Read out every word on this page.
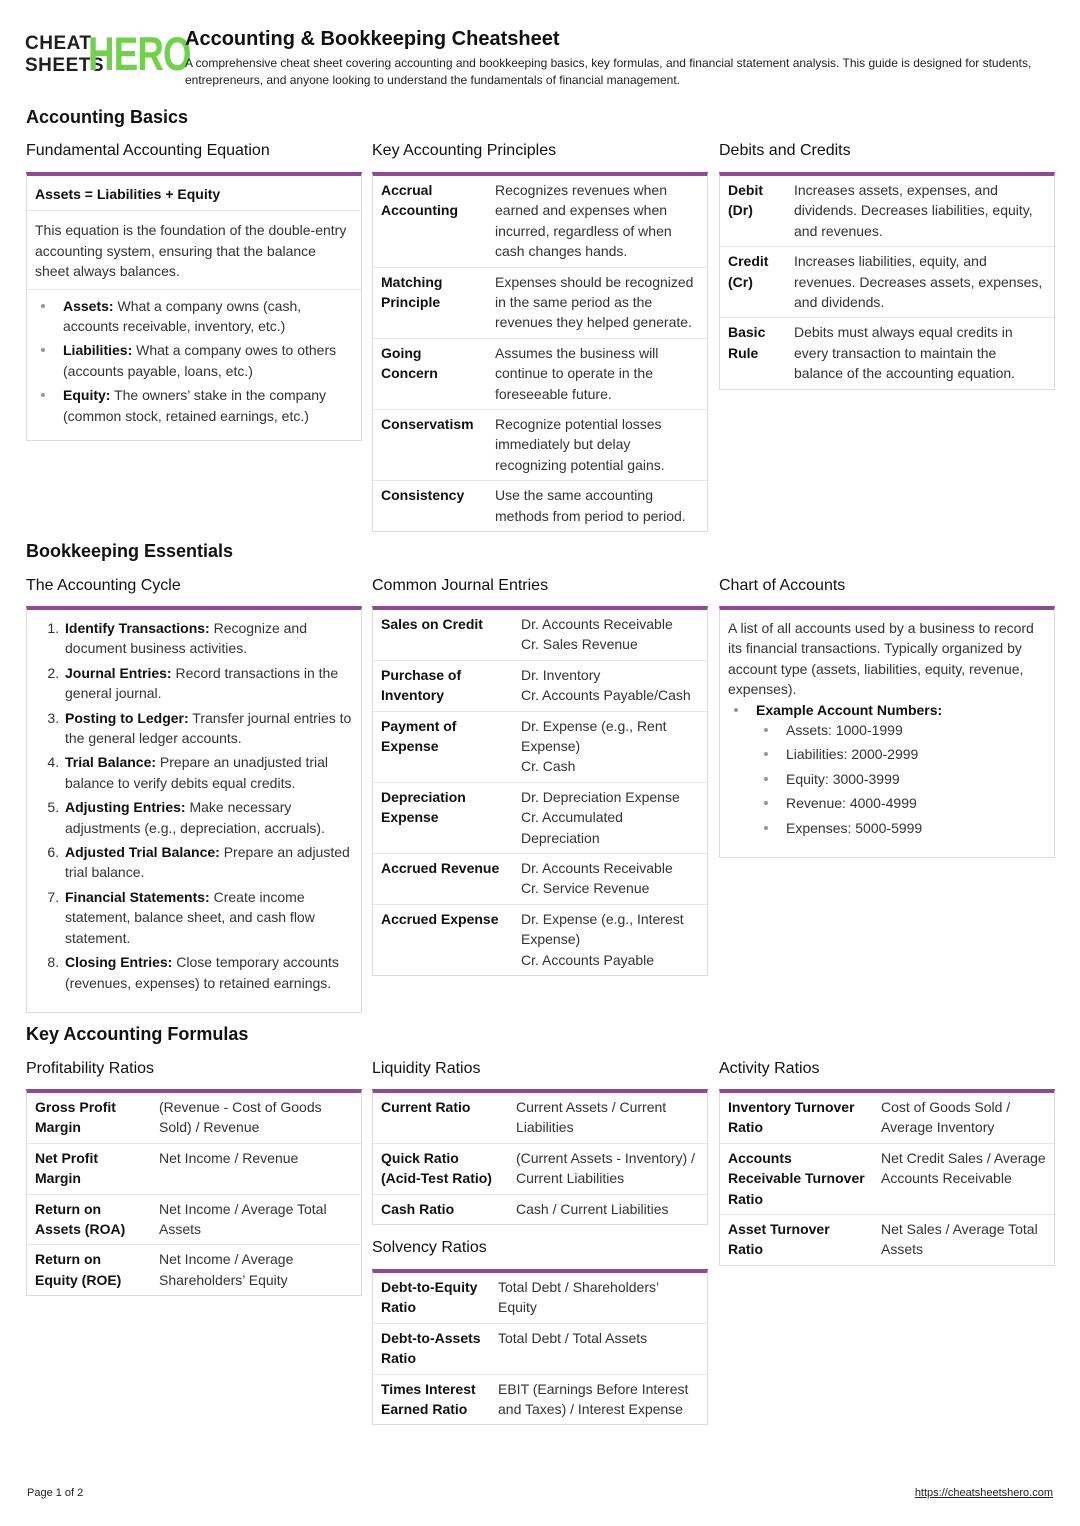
CHEAT
SHEETS
HERO
Accounting & Bookkeeping Cheatsheet
A comprehensive cheat sheet covering accounting and bookkeeping basics, key formulas, and financial statement analysis. This guide is designed for students, entrepreneurs, and anyone looking to understand the fundamentals of financial management.
Accounting Basics
Fundamental Accounting Equation
Assets = Liabilities + Equity
This equation is the foundation of the double-entry accounting system, ensuring that the balance sheet always balances.
Assets: What a company owns (cash, accounts receivable, inventory, etc.)
Liabilities: What a company owes to others (accounts payable, loans, etc.)
Equity: The owners’ stake in the company (common stock, retained earnings, etc.)
Key Accounting Principles
Accrual Accounting	Recognizes revenues when earned and expenses when incurred, regardless of when cash changes hands.
Matching Principle	Expenses should be recognized in the same period as the revenues they helped generate.
Going Concern	Assumes the business will continue to operate in the foreseeable future.
Conservatism	Recognize potential losses immediately but delay recognizing potential gains.
Consistency	Use the same accounting methods from period to period.
Debits and Credits
Debit (Dr)	Increases assets, expenses, and dividends. Decreases liabilities, equity, and revenues.
Credit (Cr)	Increases liabilities, equity, and revenues. Decreases assets, expenses, and dividends.
Basic Rule	Debits must always equal credits in every transaction to maintain the balance of the accounting equation.
Bookkeeping Essentials
The Accounting Cycle
1. Identify Transactions: Recognize and document business activities.
2. Journal Entries: Record transactions in the general journal.
3. Posting to Ledger: Transfer journal entries to the general ledger accounts.
4. Trial Balance: Prepare an unadjusted trial balance to verify debits equal credits.
5. Adjusting Entries: Make necessary adjustments (e.g., depreciation, accruals).
6. Adjusted Trial Balance: Prepare an adjusted trial balance.
7. Financial Statements: Create income statement, balance sheet, and cash flow statement.
8. Closing Entries: Close temporary accounts (revenues, expenses) to retained earnings.
Common Journal Entries
Sales on Credit	Dr. Accounts Receivable
Cr. Sales Revenue

Purchase of Inventory	Dr. Inventory
Cr. Accounts Payable/Cash

Payment of Expense	Dr. Expense (e.g., Rent Expense)
Cr. Cash

Depreciation Expense	Dr. Depreciation Expense
Cr. Accumulated Depreciation

Accrued Revenue	Dr. Accounts Receivable
Cr. Service Revenue

Accrued Expense	Dr. Expense (e.g., Interest Expense)
Cr. Accounts Payable
Chart of Accounts
A list of all accounts used by a business to record its financial transactions. Typically organized by account type (assets, liabilities, equity, revenue, expenses).
Example Account Numbers:
Assets: 1000-1999
Liabilities: 2000-2999
Equity: 3000-3999
Revenue: 4000-4999
Expenses: 5000-5999
Key Accounting Formulas
Profitability Ratios
Gross Profit Margin	(Revenue - Cost of Goods Sold) / Revenue
Net Profit Margin	Net Income / Revenue
Return on Assets (ROA)	Net Income / Average Total Assets
Return on Equity (ROE)	Net Income / Average Shareholders’ Equity
Liquidity Ratios
Current Ratio	Current Assets / Current Liabilities
Quick Ratio (Acid-Test Ratio)	(Current Assets - Inventory) / Current Liabilities
Cash Ratio	Cash / Current Liabilities
Solvency Ratios
Debt-to-Equity Ratio	Total Debt / Shareholders’ Equity
Debt-to-Assets Ratio	Total Debt / Total Assets
Times Interest Earned Ratio	EBIT (Earnings Before Interest and Taxes) / Interest Expense
Activity Ratios
Inventory Turnover Ratio	Cost of Goods Sold / Average Inventory
Accounts Receivable Turnover Ratio	Net Credit Sales / Average Accounts Receivable
Asset Turnover Ratio	Net Sales / Average Total Assets
Page 1 of 2	https://cheatsheetshero.com
